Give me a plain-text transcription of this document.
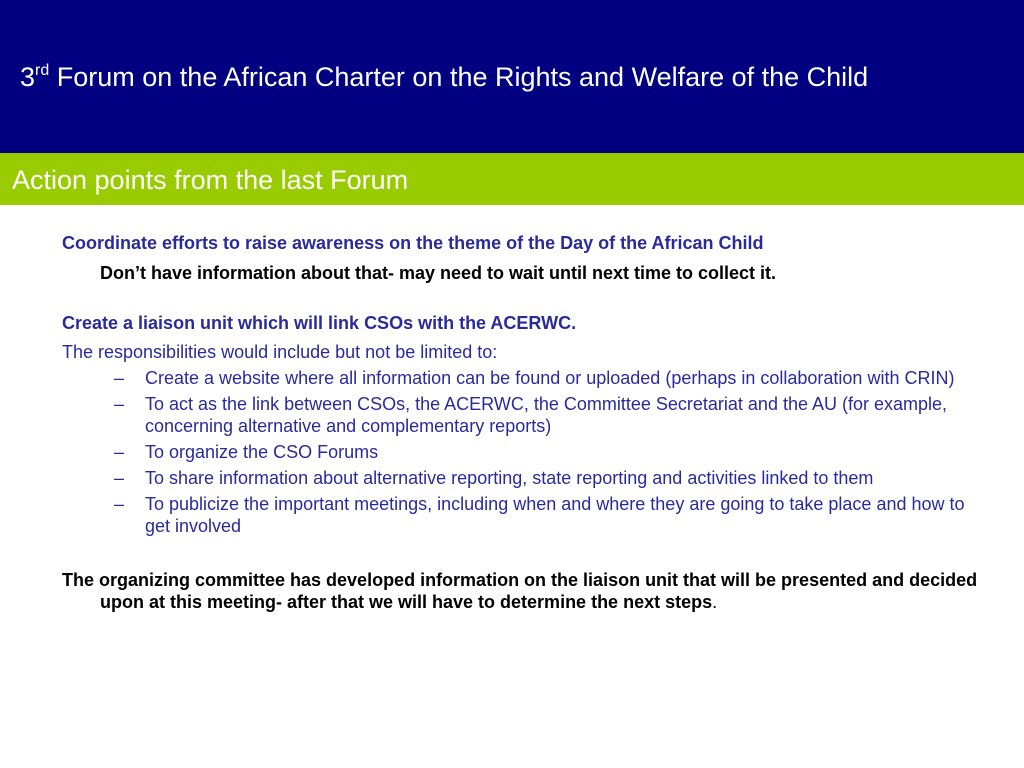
3rd Forum on the African Charter on the Rights and Welfare of the Child
Action points from the last Forum

Coordinate efforts to raise awareness on the theme of the Day of the African Child

Don’t have information about that- may need to wait until next time to collect it.

Create a liaison unit which will link CSOs with the ACERWC.

The responsibilities would include but not be limited to:

– Create a website where all information can be found or uploaded (perhaps in collaboration with CRIN)
– To act as the link between CSOs, the ACERWC, the Committee Secretariat and the AU (for example, concerning alternative and complementary reports)
– To organize the CSO Forums
– To share information about alternative reporting, state reporting and activities linked to them
– To publicize the important meetings, including when and where they are going to take place and how to get involved

The organizing committee has developed information on the liaison unit that will be presented and decided upon at this meeting- after that we will have to determine the next steps.
